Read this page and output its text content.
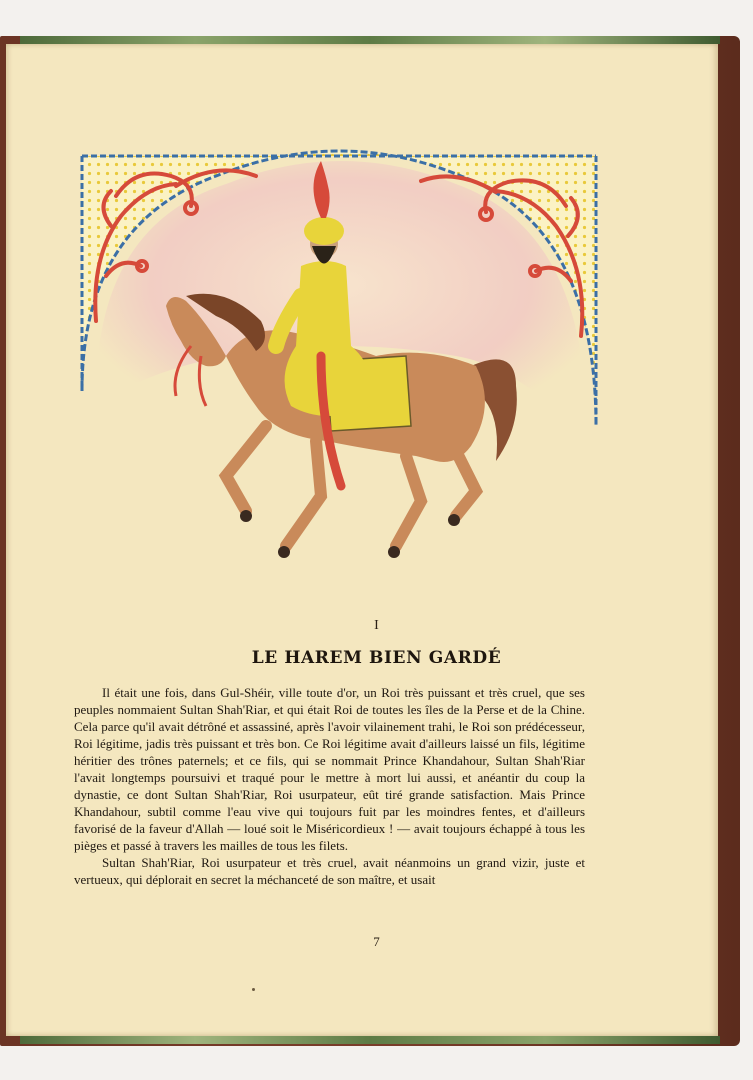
I
LE HAREM BIEN GARDÉ

Il était une fois, dans Gul-Shéir, ville toute d'or, un Roi très puissant et très cruel, que ses peuples nommaient Sultan Shah'Riar, et qui était Roi de toutes les îles de la Perse et de la Chine. Cela parce qu'il avait détrôné et assassiné, après l'avoir vilainement trahi, le Roi son prédécesseur, Roi légitime, jadis très puissant et très bon. Ce Roi légitime avait d'ailleurs laissé un fils, légitime héritier des trônes paternels; et ce fils, qui se nommait Prince Khandahour, Sultan Shah'Riar l'avait longtemps poursuivi et traqué pour le mettre à mort lui aussi, et anéantir du coup la dynastie, ce dont Sultan Shah'Riar, Roi usurpateur, eût tiré grande satisfaction. Mais Prince Khandahour, subtil comme l'eau vive qui toujours fuit par les moindres fentes, et d'ailleurs favorisé de la faveur d'Allah — loué soit le Miséricordieux ! — avait toujours échappé à tous les pièges et passé à travers les mailles de tous les filets.

Sultan Shah'Riar, Roi usurpateur et très cruel, avait néanmoins un grand vizir, juste et vertueux, qui déplorait en secret la méchanceté de son maître, et usait

7
